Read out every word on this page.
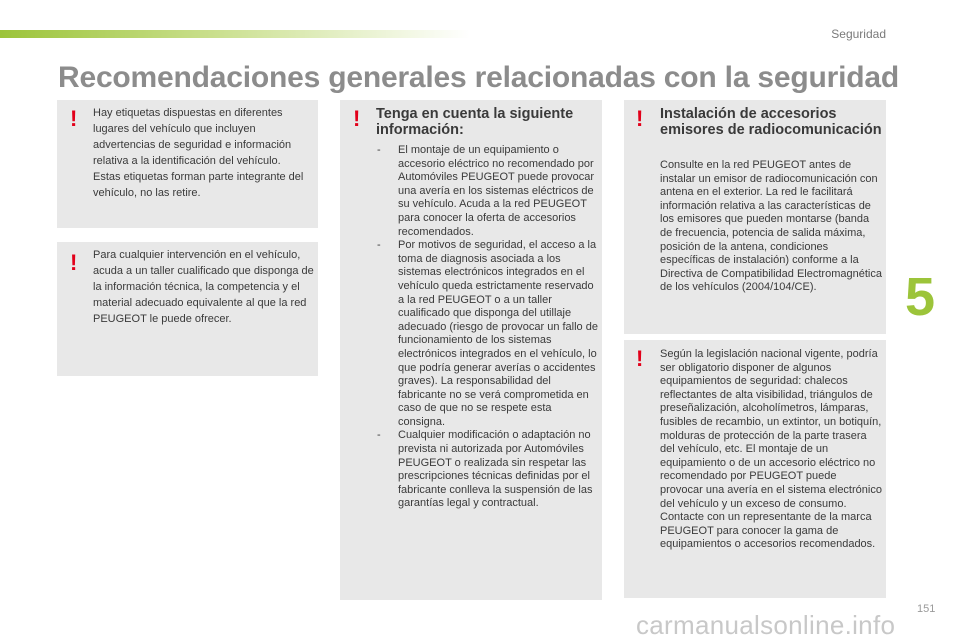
Seguridad
Recomendaciones generales relacionadas con la seguridad
5
! Hay etiquetas dispuestas en diferentes lugares del vehículo que incluyen advertencias de seguridad e información relativa a la identificación del vehículo. Estas etiquetas forman parte integrante del vehículo, no las retire.

! Para cualquier intervención en el vehículo, acuda a un taller cualificado que disponga de la información técnica, la competencia y el material adecuado equivalente al que la red PEUGEOT le puede ofrecer.

! Tenga en cuenta la siguiente información:
- El montaje de un equipamiento o accesorio eléctrico no recomendado por Automóviles PEUGEOT puede provocar una avería en los sistemas eléctricos de su vehículo. Acuda a la red PEUGEOT para conocer la oferta de accesorios recomendados.
- Por motivos de seguridad, el acceso a la toma de diagnosis asociada a los sistemas electrónicos integrados en el vehículo queda estrictamente reservado a la red PEUGEOT o a un taller cualificado que disponga del utillaje adecuado (riesgo de provocar un fallo de funcionamiento de los sistemas electrónicos integrados en el vehículo, lo que podría generar averías o accidentes graves). La responsabilidad del fabricante no se verá comprometida en caso de que no se respete esta consigna.
- Cualquier modificación o adaptación no prevista ni autorizada por Automóviles PEUGEOT o realizada sin respetar las prescripciones técnicas definidas por el fabricante conlleva la suspensión de las garantías legal y contractual.
! Instalación de accesorios emisores de radiocomunicación

Consulte en la red PEUGEOT antes de instalar un emisor de radiocomunicación con antena en el exterior. La red le facilitará información relativa a las características de los emisores que pueden montarse (banda de frecuencia, potencia de salida máxima, posición de la antena, condiciones específicas de instalación) conforme a la Directiva de Compatibilidad Electromagnética de los vehículos (2004/104/CE).

! Según la legislación nacional vigente, podría ser obligatorio disponer de algunos equipamientos de seguridad: chalecos reflectantes de alta visibilidad, triángulos de preseñalización, alcoholímetros, lámparas, fusibles de recambio, un extintor, un botiquín, molduras de protección de la parte trasera del vehículo, etc. El montaje de un equipamiento o de un accesorio eléctrico no recomendado por PEUGEOT puede provocar una avería en el sistema electrónico del vehículo y un exceso de consumo. Contacte con un representante de la marca PEUGEOT para conocer la gama de equipamientos o accesorios recomendados.

151
carmanualsonline.info
